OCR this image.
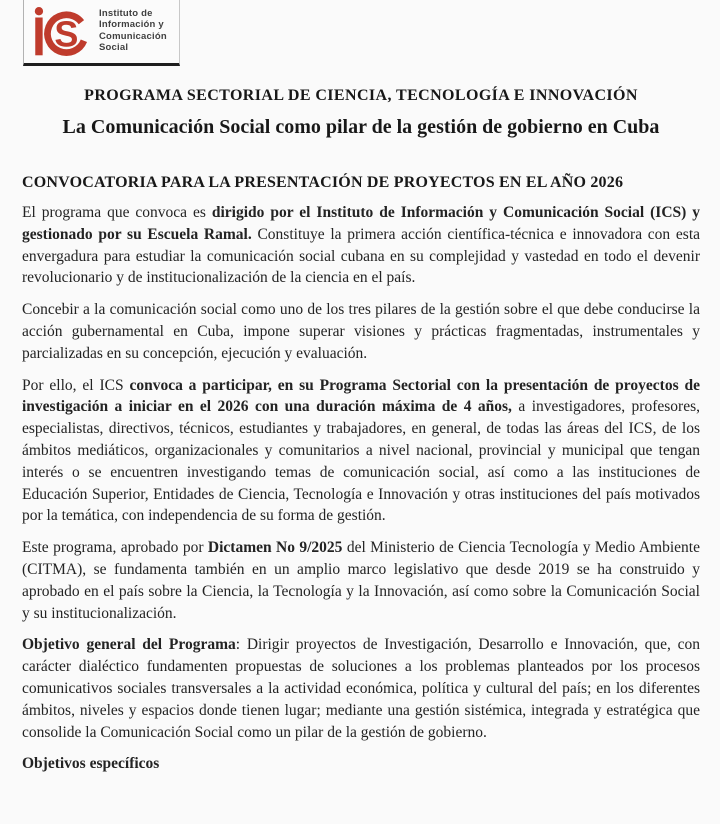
S Instituto de
Información y
Comunicación
Social
PROGRAMA SECTORIAL DE CIENCIA, TECNOLOGÍA E INNOVACIÓN
La Comunicación Social como pilar de la gestión de gobierno en Cuba
CONVOCATORIA PARA LA PRESENTACIÓN DE PROYECTOS EN EL AÑO 2026

El programa que convoca es dirigido por el Instituto de Información y Comunicación Social (ICS) y gestionado por su Escuela Ramal. Constituye la primera acción científica-técnica e innovadora con esta envergadura para estudiar la comunicación social cubana en su complejidad y vastedad en todo el devenir revolucionario y de institucionalización de la ciencia en el país.

Concebir a la comunicación social como uno de los tres pilares de la gestión sobre el que debe conducirse la acción gubernamental en Cuba, impone superar visiones y prácticas fragmentadas, instrumentales y parcializadas en su concepción, ejecución y evaluación.

Por ello, el ICS convoca a participar, en su Programa Sectorial con la presentación de proyectos de investigación a iniciar en el 2026 con una duración máxima de 4 años, a investigadores, profesores, especialistas, directivos, técnicos, estudiantes y trabajadores, en general, de todas las áreas del ICS, de los ámbitos mediáticos, organizacionales y comunitarios a nivel nacional, provincial y municipal que tengan interés o se encuentren investigando temas de comunicación social, así como a las instituciones de Educación Superior, Entidades de Ciencia, Tecnología e Innovación y otras instituciones del país motivados por la temática, con independencia de su forma de gestión.

Este programa, aprobado por Dictamen No 9/2025 del Ministerio de Ciencia Tecnología y Medio Ambiente (CITMA), se fundamenta también en un amplio marco legislativo que desde 2019 se ha construido y aprobado en el país sobre la Ciencia, la Tecnología y la Innovación, así como sobre la Comunicación Social y su institucionalización.

Objetivo general del Programa: Dirigir proyectos de Investigación, Desarrollo e Innovación, que, con carácter dialéctico fundamenten propuestas de soluciones a los problemas planteados por los procesos comunicativos sociales transversales a la actividad económica, política y cultural del país; en los diferentes ámbitos, niveles y espacios donde tienen lugar; mediante una gestión sistémica, integrada y estratégica que consolide la Comunicación Social como un pilar de la gestión de gobierno.

Objetivos específicos
